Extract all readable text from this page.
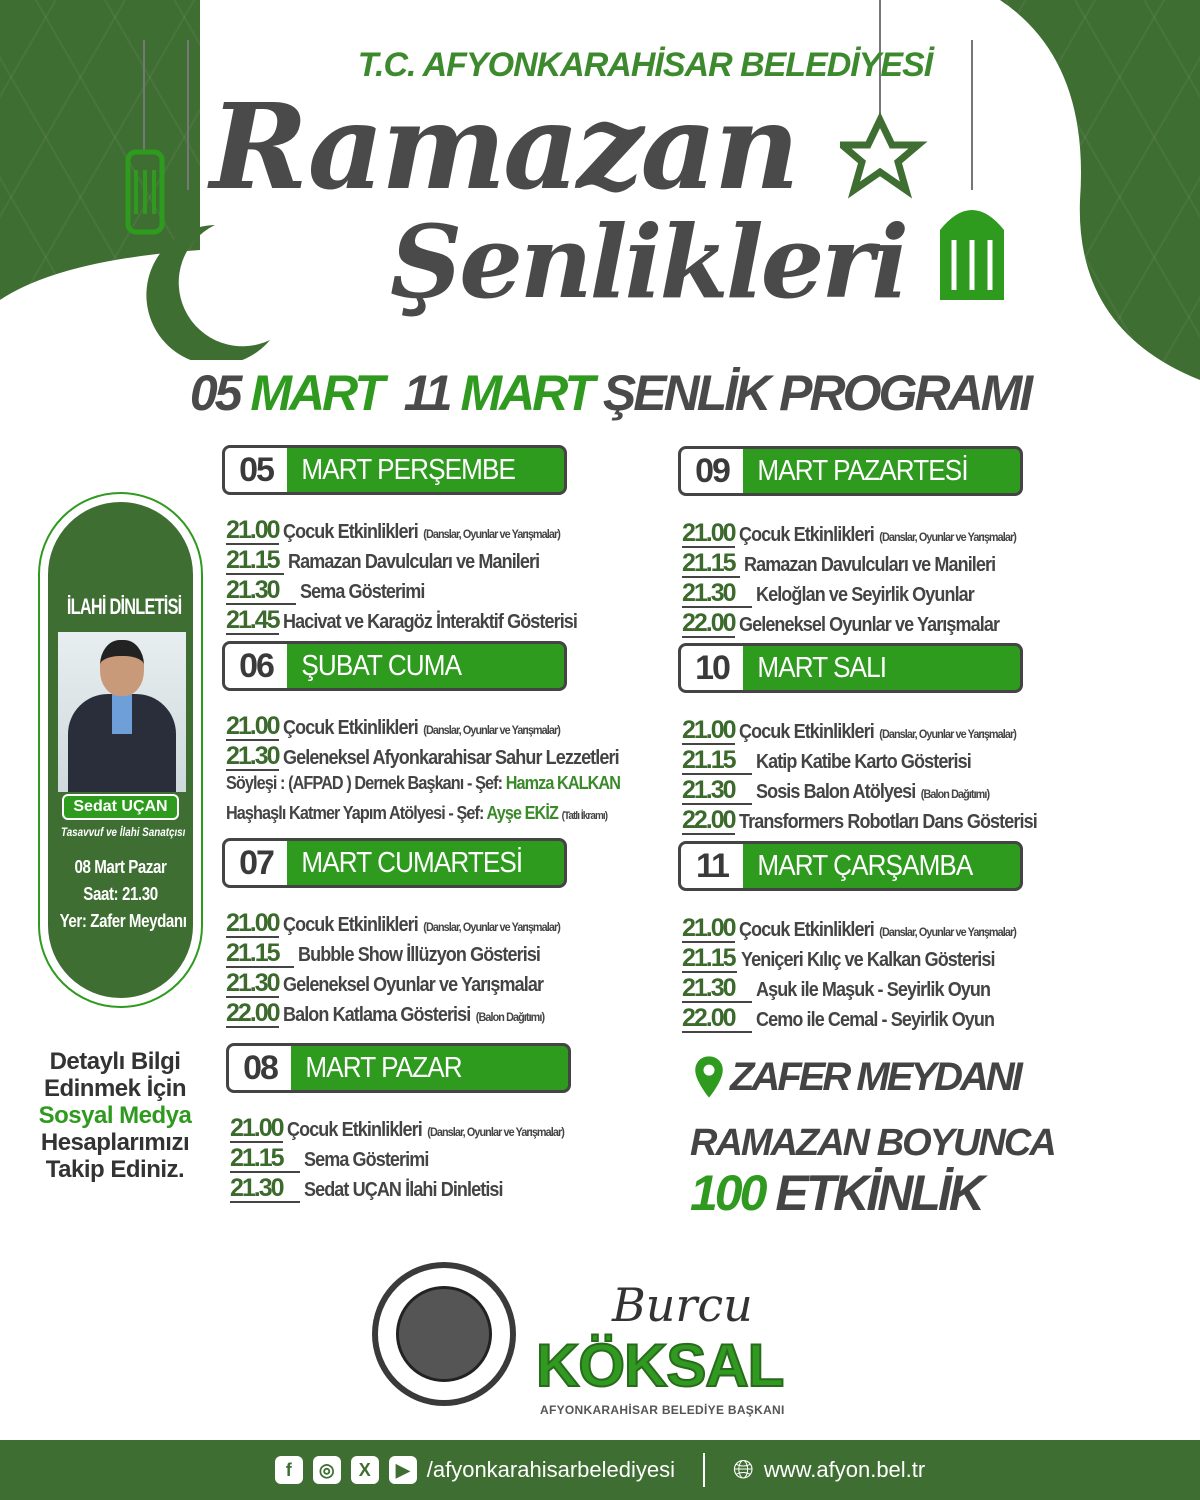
T.C. AFYONKARAHİSAR BELEDİYESİ
Ramazan
Şenlikleri
05 MART 11 MART ŞENLİK PROGRAMI
05 MART PERŞEMBE
21.00 Çocuk Etkinlikleri (Danslar, Oyunlar ve Yarışmalar)
21.15 Ramazan Davulcuları ve Manileri
21.30	Sema Gösterimi
21.45 Hacivat ve Karagöz İnteraktif Gösterisi
06 ŞUBAT CUMA
21.00 Çocuk Etkinlikleri (Danslar, Oyunlar ve Yarışmalar)
21.30 Geleneksel Afyonkarahisar Sahur Lezzetleri
Söyleşi : (AFPAD ) Dernek Başkanı - Şef: Hamza KALKAN
Haşhaşlı Katmer Yapım Atölyesi - Şef: Ayşe EKİZ (Tatlı İkramı)
07 MART CUMARTESİ
21.00 Çocuk Etkinlikleri (Danslar, Oyunlar ve Yarışmalar)
21.15 Bubble Show İllüzyon Gösterisi
21.30 Geleneksel Oyunlar ve Yarışmalar
22.00 Balon Katlama Gösterisi (Balon Dağıtımı)
08 MART PAZAR
21.00 Çocuk Etkinlikleri (Danslar, Oyunlar ve Yarışmalar)
21.15	Sema Gösterimi
21.30	Sedat UÇAN İlahi Dinletisi
09 MART PAZARTESİ
21.00 Çocuk Etkinlikleri (Danslar, Oyunlar ve Yarışmalar)
21.15 Ramazan Davulcuları ve Manileri
21.30	Keloğlan ve Seyirlik Oyunlar
22.00 Geleneksel Oyunlar ve Yarışmalar
10 MART SALI
21.00 Çocuk Etkinlikleri (Danslar, Oyunlar ve Yarışmalar)
21.15	Katip Katibe Karto Gösterisi
21.30	Sosis Balon Atölyesi (Balon Dağıtımı)
22.00 Transformers Robotları Dans Gösterisi
11	MART ÇARŞAMBA
21.00 Çocuk Etkinlikleri (Danslar, Oyunlar ve Yarışmalar)
21.15 Yeniçeri Kılıç ve Kalkan Gösterisi
21.30	Aşuk ile Maşuk - Seyirlik Oyun
22.00	Cemo ile Cemal - Seyirlik Oyun
İLAHİ DİNLETİSİ
Sedat UÇAN
Tasavvuf ve İlahi Sanatçısı
08 Mart Pazar
Saat: 21.30
Yer: Zafer Meydanı
Detaylı Bilgi
Edinmek İçin
Sosyal Medya
Hesaplarımızı
Takip Ediniz.
ZAFER MEYDANI
RAMAZAN BOYUNCA
100 ETKİNLİK
Burcu
KÖKSAL
AFYONKARAHİSAR BELEDİYE BAŞKANI
f	◎	X	▶ /afyonkarahisarbelediyesi 🌐︎ www.afyon.bel.tr
